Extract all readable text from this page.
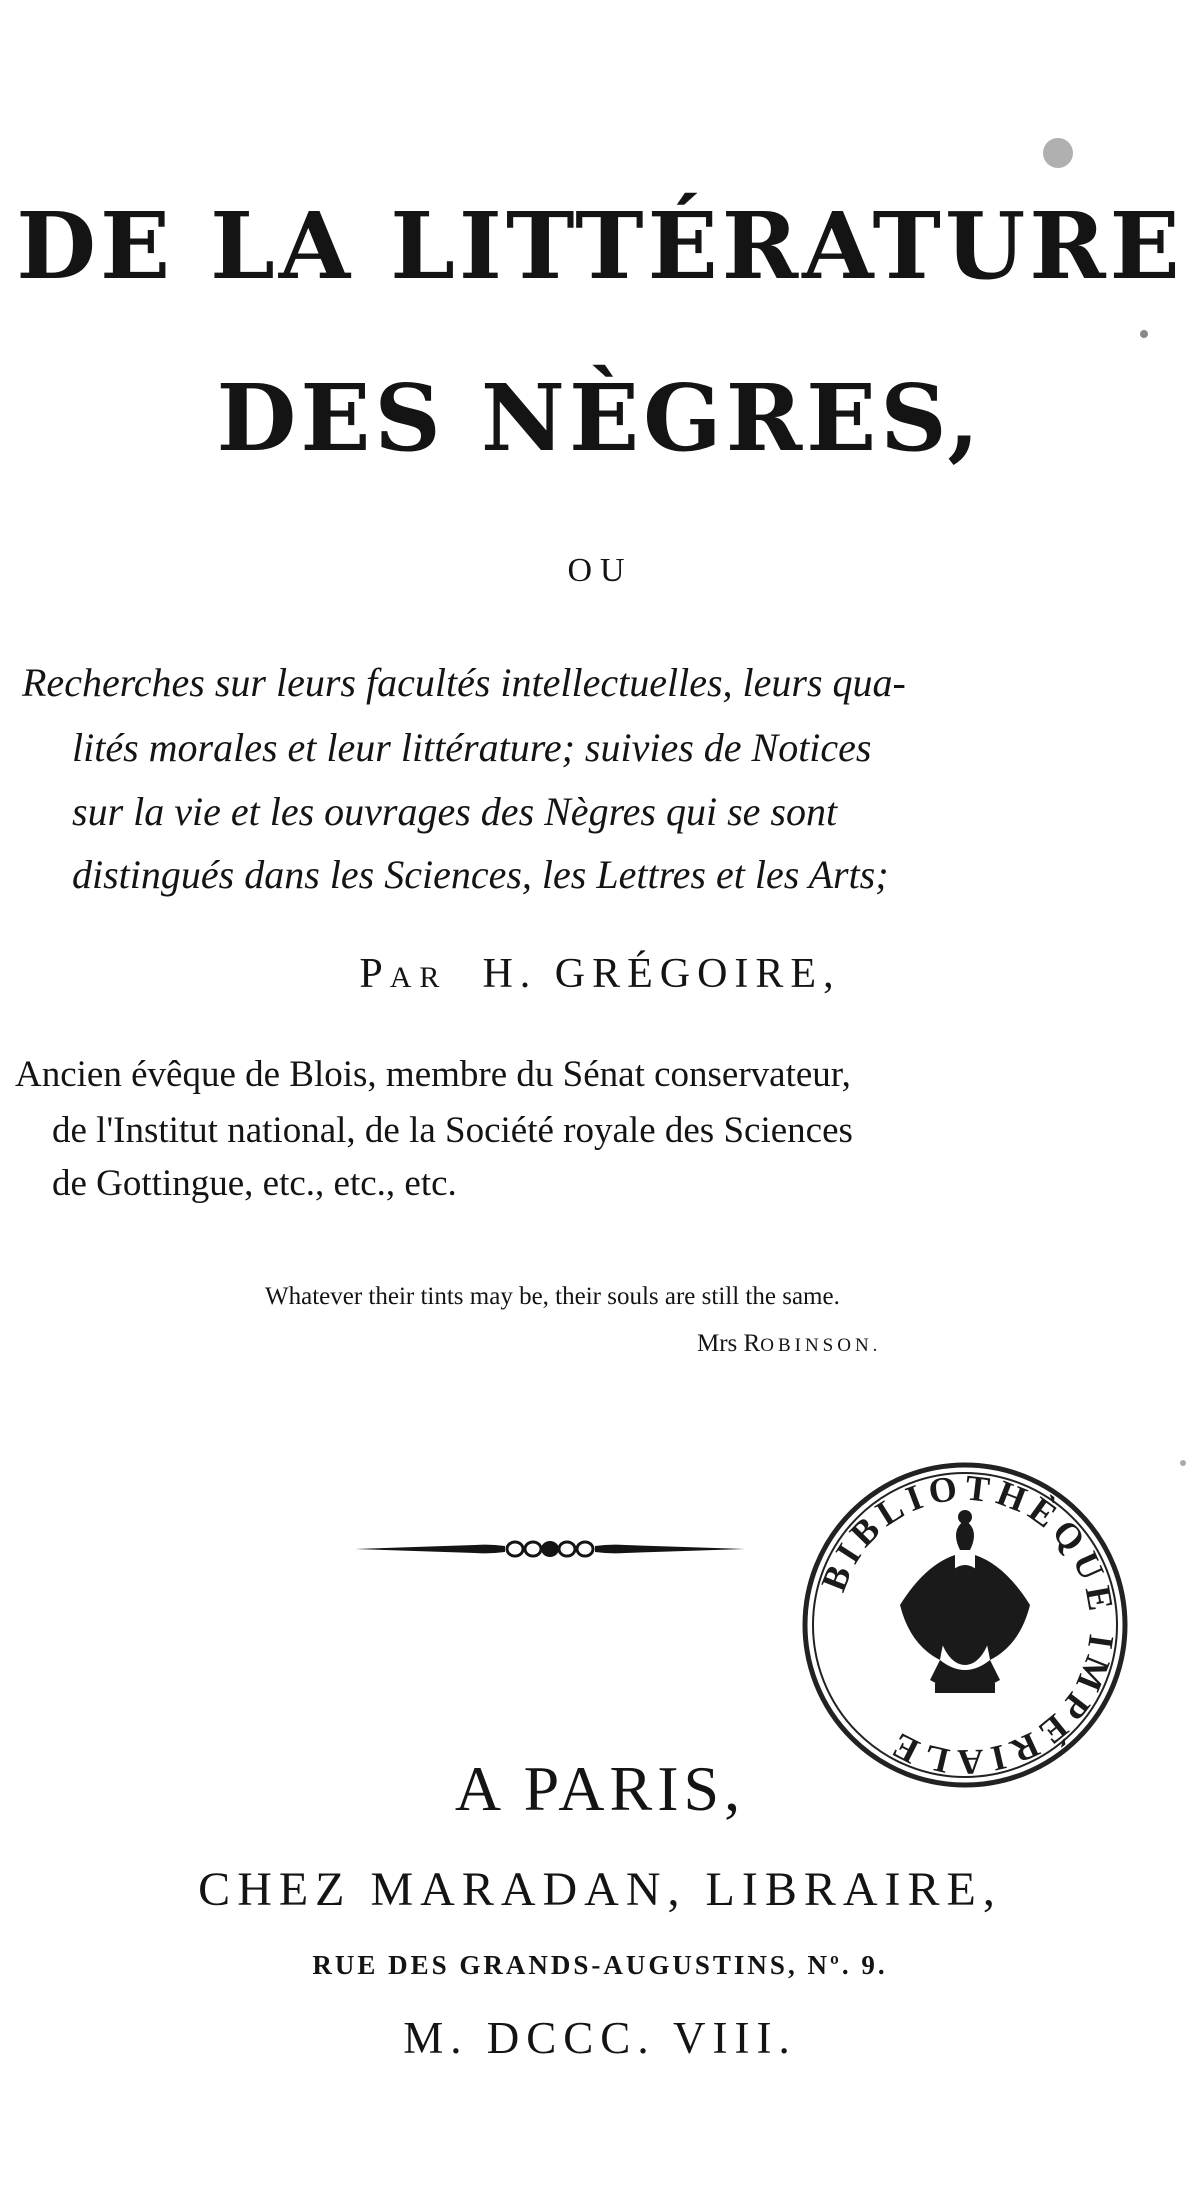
DE LA LITTÉRATURE
DES NÈGRES,
OU
Recherches sur leurs facultés intellectuelles, leurs qua-
lités morales et leur littérature; suivies de Notices
sur la vie et les ouvrages des Nègres qui se sont
distingués dans les Sciences, les Lettres et les Arts;
PAR H. GRÉGOIRE,
Ancien évêque de Blois, membre du Sénat conservateur,
de l'Institut national, de la Société royale des Sciences
de Gottingue, etc., etc., etc.
Whatever their tints may be, their souls are still the same.
Mrs ROBINSON.
BIBLIOTHÈQUE IMPÉRIALE
A PARIS,
CHEZ MARADAN, LIBRAIRE,
RUE DES GRANDS-AUGUSTINS, Nº. 9.
M. DCCC. VIII.
